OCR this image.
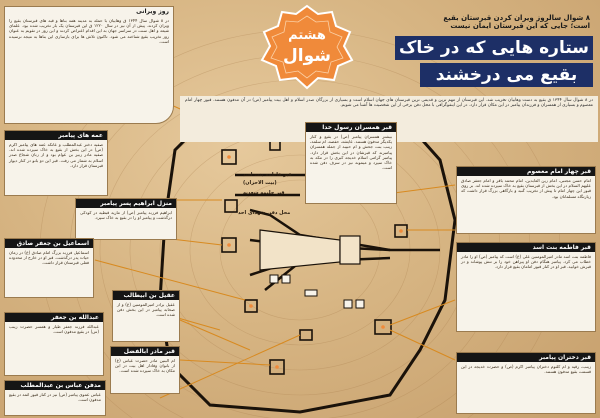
هشتم
شوال
۸ شوال سالروز ویران کردن قبرستان بقیع
است؛ جایی که این قبرستان ایمان نیست
ستاره هایی که در خاک
بقیع می درخشند
در ۸ شوال سال ۱۳۴۴ ق بقیع به دست وهابیان تخریب شد. این قبرستان از مهم ترین و قدیمی ترین قبرستان های جهان اسلام است و بسیاری از بزرگان صدر اسلام و اهل بیت پیامبر (ص) در آن مدفون هستند. قبور چهار امام معصوم و بسیاری از همسران و فرزندان پیامبر در این مکان قرار دارد. در این اینفوگرافی با محل دفن برخی از این شخصیت ها آشنا می شویم.
روز ویرانی
در ۸ شوال سال ۱۳۴۴ ق وهابیان با حمله به مدینه همه بناها و قبه های قبرستان بقیع را ویران کردند. پیش از آن نیز در سال ۱۲۲۰ ق این قبرستان یک بار تخریب شده بود. علمای شیعه و اهل سنت در سراسر جهان به این اقدام اعتراض کردند و این روز در تقویم به عنوان روز تخریب بقیع شناخته می شود. تاکنون تلاش ها برای بازسازی این بناها به نتیجه نرسیده است.
عمه های پیامبر
صفیه دختر عبدالمطلب و عاتکه عمه های پیامبر اکرم (ص) در این بخش از بقیع به خاک سپرده شده اند. صفیه مادر زبیر بن عوام بود و از زنان شجاع صدر اسلام به شمار می رفت. قبر این دو بانو در کنار دیوار قبرستان قرار دارد.
منزل ابراهیم پسر پیامبر
ابراهیم فرزند پیامبر (ص) از ماریه قبطیه در کودکی درگذشت و پیامبر او را در بقیع به خاک سپرد.
اسماعیل بن جعفر صادق
اسماعیل فرزند بزرگ امام صادق (ع) در زمان حیات پدر درگذشت. قبر او در خارج از محدوده فعلی قبرستان قرار داشت.
عقیل بن ابیطالب
عقیل برادر امیرالمومنین (ع) و از صحابه پیامبر در این بخش دفن شده است.
عبدالله بن جعفر
عبدالله فرزند جعفر طیار و همسر حضرت زینب (س) در بقیع مدفون است.
قبر مادر ابالفضل
ام البنین مادر حضرت عباس (ع) از بانوان وفادار اهل بیت در این مکان به خاک سپرده شده است.
مدفن عباس بن عبدالمطلب
عباس عموی پیامبر (ص) نیز در کنار قبور ائمه در بقیع مدفون است.
قبر همسران رسول خدا
بیشتر همسران پیامبر (ص) در بقیع و کنار یکدیگر مدفون هستند. عایشه، حفصه، ام سلمه، زینب بنت جحش و ام حبیبه از جمله همسران پیامبرند که قبرشان در این بخش قرار دارد. پیامبر گرامی اسلام خدیجه کبری را در مکه به خاک سپرد و میمونه نیز در سرف دفن شده است.
قبر چهار امام معصوم
امام حسن مجتبی، امام زین العابدین، امام محمد باقر و امام جعفر صادق علیهم السلام در این بخش از قبرستان بقیع به خاک سپرده شده اند. بر روی قبور این چهار امام تا پیش از تخریب گنبد و بارگاهی بزرگ قرار داشت که زیارتگاه مسلمانان بود.
قبر فاطمه بنت اسد
فاطمه بنت اسد مادر امیرالمومنین علی (ع) است که پیامبر (ص) او را مادر خطاب می کرد. پیامبر هنگام دفن او پیراهن خود را بر تنش پوشاند و در قبرش خوابید. قبر او در کنار قبور امامان بقیع قرار دارد.
قبر دختران پیامبر
زینب، رقیه و ام کلثوم دختران پیامبر اکرم (ص) و حضرت خدیجه در این قسمت بقیع مدفون هستند.
قبر فاطمه بنت اسد
(بیت الاحزان)
قبر حلیمه سعدیه
محل دفن شهدای احد
